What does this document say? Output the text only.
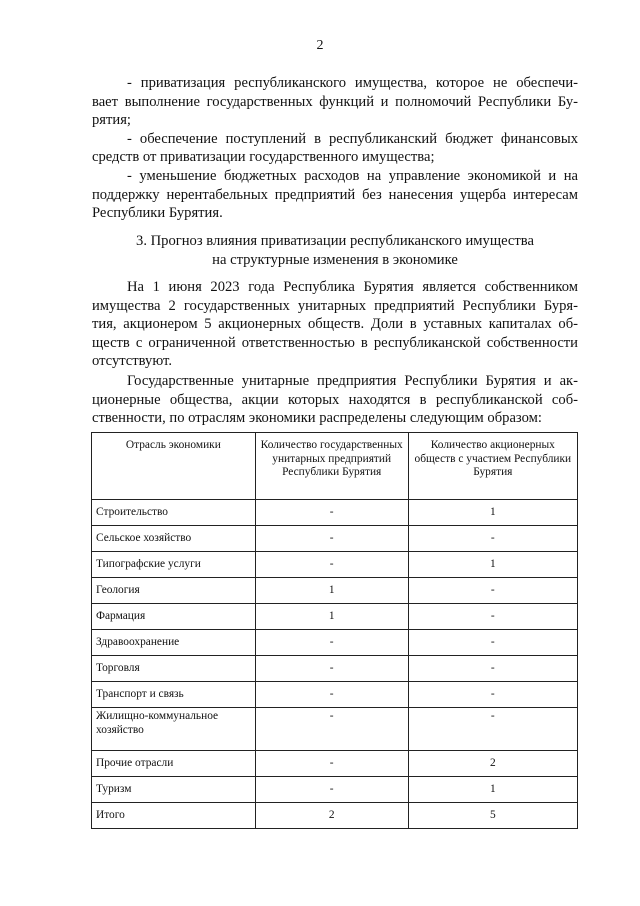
2
- приватизация республиканского имущества, которое не обеспечи-
вает выполнение государственных функций и полномочий Республики Бу-
рятия;
- обеспечение поступлений в республиканский бюджет финансовых
средств от приватизации государственного имущества;
- уменьшение бюджетных расходов на управление экономикой и на
поддержку нерентабельных предприятий без нанесения ущерба интересам
Республики Бурятия.
3. Прогноз влияния приватизации республиканского имущества
на структурные изменения в экономике
На 1 июня 2023 года Республика Бурятия является собственником
имущества 2 государственных унитарных предприятий Республики Буря-
тия, акционером 5 акционерных обществ. Доли в уставных капиталах об-
ществ с ограниченной ответственностью в республиканской собственности
отсутствуют.
Государственные унитарные предприятия Республики Бурятия и ак-
ционерные общества, акции которых находятся в республиканской соб-
ственности, по отраслям экономики распределены следующим образом:
Отрасль экономики	Количество государственных унитарных предприятий Республики Бурятия	Количество акционерных обществ с участием Республики Бурятия
Строительство	-	1
Сельское хозяйство	-	-
Типографские услуги	-	1
Геология	1	-
Фармация	1	-
Здравоохранение	-	-
Торговля	-	-
Транспорт и связь	-	-
Жилищно-коммунальное хозяйство	-	-
Прочие отрасли	-	2
Туризм	-	1
Итого	2	5
